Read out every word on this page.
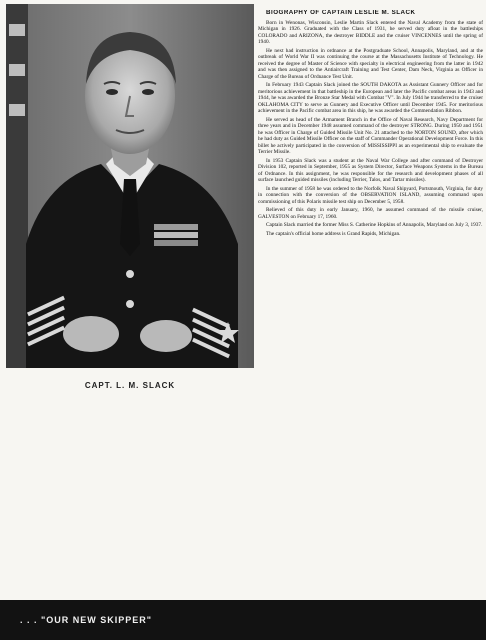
CAPT. L. M. SLACK
BIOGRAPHY OF CAPTAIN LESLIE M. SLACK

Born in Wenonas, Wisconsin, Leslie Martin Slack entered the Naval Academy from the state of Michigan in 1926. Graduated with the Class of 1931, he served duty afloat in the battleships COLORADO and ARIZONA, the destroyer BIDDLE and the cruiser VINCENNES until the spring of 1940.

He next had instruction in ordnance at the Postgraduate School, Annapolis, Maryland, and at the outbreak of World War II was continuing the course at the Massachusetts Institute of Technology. He received the degree of Master of Science with specialty in electrical engineering from the latter in 1942 and was then assigned to the Antiaircraft Training and Test Center, Dam Neck, Virginia as Officer in Charge of the Bureau of Ordnance Test Unit.

In February 1943 Captain Slack joined the SOUTH DAKOTA as Assistant Gunnery Officer and for meritorious achievement in that battleship in the European and later the Pacific combat areas in 1943 and 1944, he was awarded the Bronze Star Medal with Combat "V". In July 1944 he transferred to the cruiser OKLAHOMA CITY to serve as Gunnery and Executive Officer until December 1945. For meritorious achievement in the Pacific combat area in this ship, he was awarded the Commendation Ribbon.

He served as head of the Armament Branch in the Office of Naval Research, Navy Department for three years and in December 1948 assumed command of the destroyer STRONG. During 1950 and 1951 he was Officer in Charge of Guided Missile Unit No. 21 attached to the NORTON SOUND, after which he had duty as Guided Missile Officer on the staff of Commander Operational Development Force. In this billet he actively participated in the conversion of MISSISSIPPI as an experimental ship to evaluate the Terrier Missile.

In 1953 Captain Slack was a student at the Naval War College and after command of Destroyer Division 102, reported in September, 1955 as System Director, Surface Weapons Systems in the Bureau of Ordnance. In this assignment, he was responsible for the research and development phases of all surface launched guided missiles (including Terrier, Talos, and Tartar missiles).

In the summer of 1958 he was ordered to the Norfolk Naval Shipyard, Portsmouth, Virginia, for duty in connection with the conversion of the OBSERVATION ISLAND, assuming command upon commissioning of this Polaris missile test ship on December 5, 1958.

Relieved of this duty in early January, 1960, he assumed command of the missile cruiser, GALVESTON on February 17, 1960.

Captain Slack married the former Miss S. Catherine Hopkins of Annapolis, Maryland on July 3, 1937.

The captain's official home address is Grand Rapids, Michigan.

. . . "OUR NEW SKIPPER"
